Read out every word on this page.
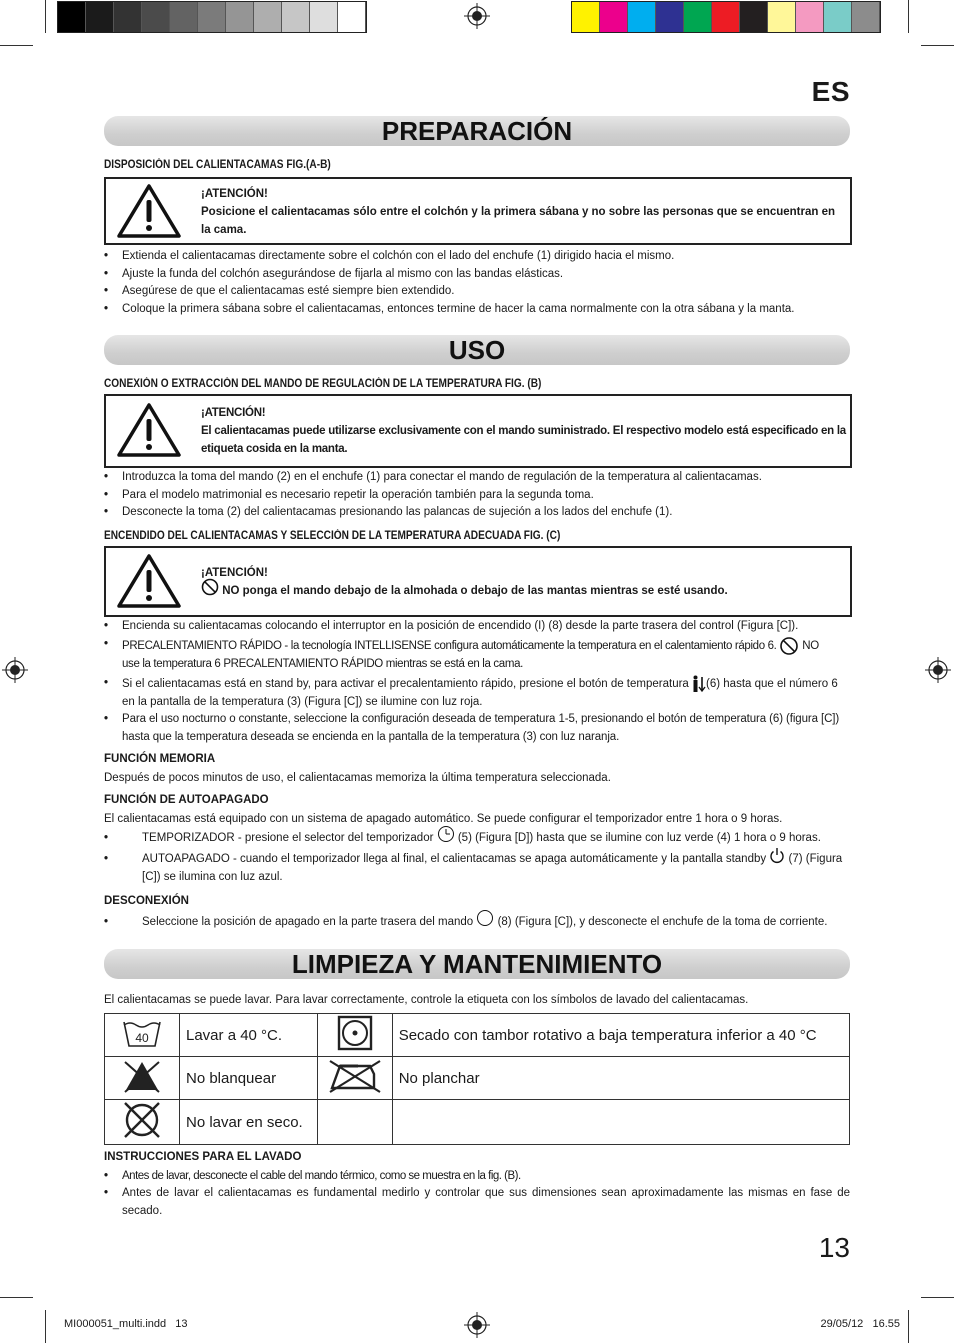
ES
PREPARACIÓN
DISPOSICIÓN DEL CALIENTACAMAS FIG.(A-B)
¡ATENCIÓN!
Posicione el calientacamas sólo entre el colchón y la primera sábana y no sobre las personas que se encuentran en la cama.
• Extienda el calientacamas directamente sobre el colchón con el lado del enchufe (1) dirigido hacia el mismo.
• Ajuste la funda del colchón asegurándose de fijarla al mismo con las bandas elásticas.
• Asegúrese de que el calientacamas esté siempre bien extendido.
• Coloque la primera sábana sobre el calientacamas, entonces termine de hacer la cama normalmente con la otra sábana y la manta.
USO
CONEXIÓN O EXTRACCIÓN DEL MANDO DE REGULACIÓN DE LA TEMPERATURA FIG. (B)
¡ATENCIÓN!
El calientacamas puede utilizarse exclusivamente con el mando suministrado. El respectivo modelo está especificado en la etiqueta cosida en la manta.
• Introduzca la toma del mando (2) en el enchufe (1) para conectar el mando de regulación de la temperatura al calientacamas.
• Para el modelo matrimonial es necesario repetir la operación también para la segunda toma.
• Desconecte la toma (2) del calientacamas presionando las palancas de sujeción a los lados del enchufe (1).
ENCENDIDO DEL CALIENTACAMAS Y SELECCIÓN DE LA TEMPERATURA ADECUADA FIG. (C)
¡ATENCIÓN!
NO ponga el mando debajo de la almohada o debajo de las mantas mientras se esté usando.
• Encienda su calientacamas colocando el interruptor en la posición de encendido (I) (8) desde la parte trasera del control (Figura [C]).
• PRECALENTAMIENTO RÁPIDO - la tecnología INTELLISENSE configura automáticamente la temperatura en el calentamiento rápido 6. NO
use la temperatura 6 PRECALENTAMIENTO RÁPIDO mientras se está en la cama.
• Si el calientacamas está en stand by, para activar el precalentamiento rápido, presione el botón de temperatura (6) hasta que el número 6
en la pantalla de la temperatura (3) (Figura [C]) se ilumine con luz roja.
• Para el uso nocturno o constante, seleccione la configuración deseada de temperatura 1-5, presionando el botón de temperatura (6) (figura [C]) hasta que la temperatura deseada se encienda en la pantalla de la temperatura (3) con luz naranja.
FUNCIÓN MEMORIA
Después de pocos minutos de uso, el calientacamas memoriza la última temperatura seleccionada.
FUNCIÓN DE AUTOAPAGADO
El calientacamas está equipado con un sistema de apagado automático. Se puede configurar el temporizador entre 1 hora o 9 horas.
•	TEMPORIZADOR - presione el selector del temporizador (5) (Figura [D]) hasta que se ilumine con luz verde (4) 1 hora o 9 horas.
•	AUTOAPAGADO - cuando el temporizador llega al final, el calientacamas se apaga automáticamente y la pantalla standby (7) (Figura
[C]) se ilumina con luz azul.
DESCONEXIÓN
•	Seleccione la posición de apagado en la parte trasera del mando (8) (Figura [C]), y desconecte el enchufe de la toma de corriente.
LIMPIEZA Y MANTENIMIENTO
El calientacamas se puede lavar. Para lavar correctamente, controle la etiqueta con los símbolos de lavado del calientacamas.
40	Lavar a 40 °C.		Secado con tambor rotativo a baja temperatura inferior a 40 °C
	No blanquear		No planchar
	No lavar en seco.		
INSTRUCCIONES PARA EL LAVADO
• Antes de lavar, desconecte el cable del mando térmico, como se muestra en la fig. (B).
• Antes de lavar el calientacamas es fundamental medirlo y controlar que sus dimensiones sean aproximadamente las mismas en fase de secado.
13
MI000051_multi.indd   13	29/05/12   16.55
